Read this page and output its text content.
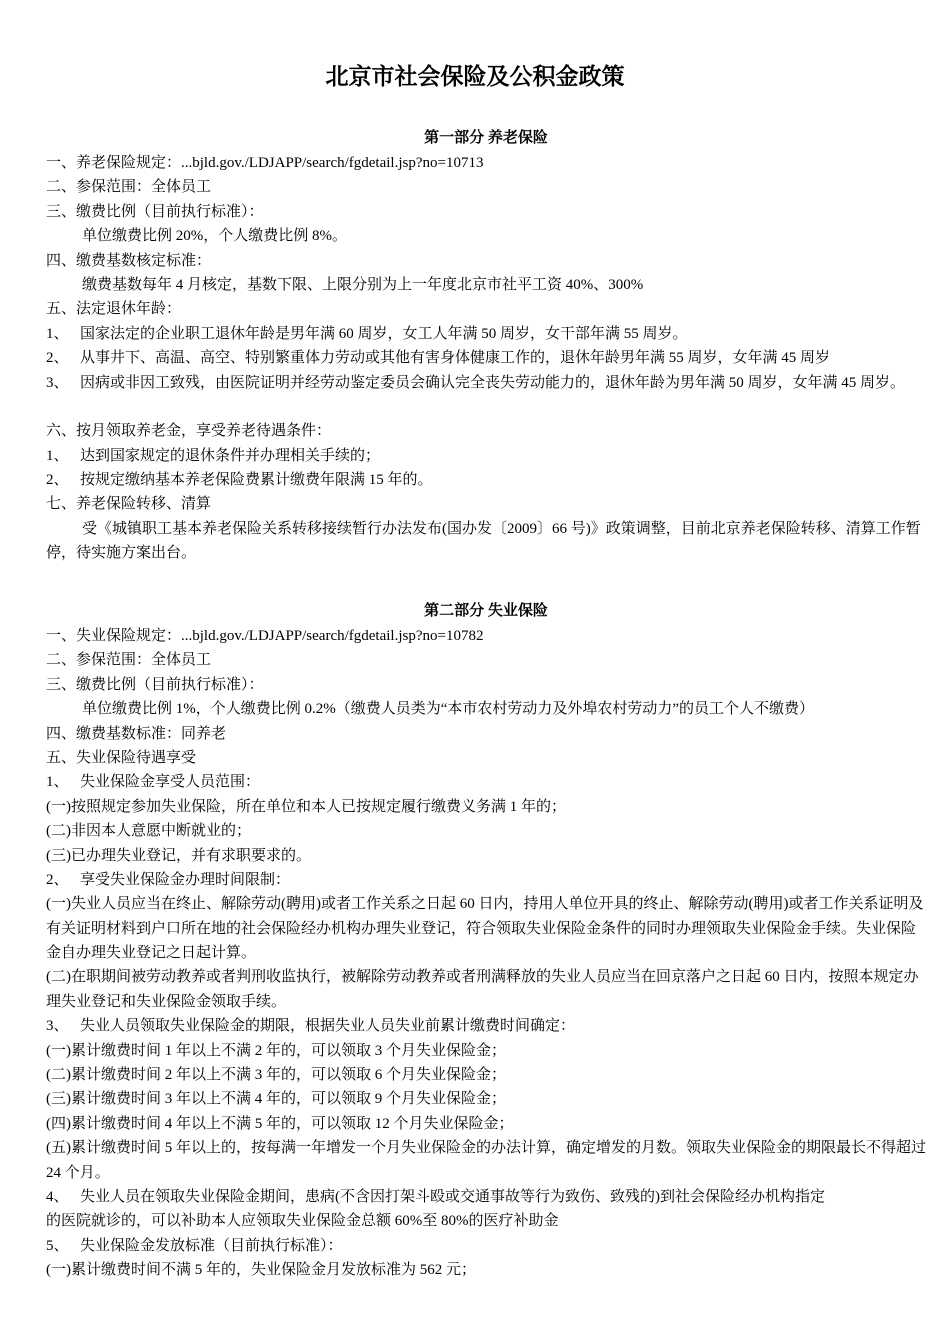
北京市社会保险及公积金政策
第一部分 养老保险
一、养老保险规定：...bjld.gov./LDJAPP/search/fgdetail.jsp?no=10713
二、参保范围：全体员工
三、缴费比例（目前执行标准）：
单位缴费比例 20%，个人缴费比例 8%。
四、缴费基数核定标准：
缴费基数每年 4 月核定，基数下限、上限分别为上一年度北京市社平工资 40%、300%
五、法定退休年龄：
1、 国家法定的企业职工退休年龄是男年满 60 周岁，女工人年满 50 周岁，女干部年满 55 周岁。
2、 从事井下、高温、高空、特别繁重体力劳动或其他有害身体健康工作的，退休年龄男年满 55 周岁，女年满 45 周岁
3、 因病或非因工致残，由医院证明并经劳动鉴定委员会确认完全丧失劳动能力的，退休年龄为男年满 50 周岁，女年满 45 周岁。
六、按月领取养老金，享受养老待遇条件：
1、 达到国家规定的退休条件并办理相关手续的；
2、 按规定缴纳基本养老保险费累计缴费年限满 15 年的。
七、养老保险转移、清算
受《城镇职工基本养老保险关系转移接续暂行办法发布(国办发〔2009〕66 号)》政策调整，目前北京养老保险转移、清算工作暂停，待实施方案出台。
第二部分 失业保险
一、失业保险规定：...bjld.gov./LDJAPP/search/fgdetail.jsp?no=10782
二、参保范围：全体员工
三、缴费比例（目前执行标准）：
单位缴费比例 1%，个人缴费比例 0.2%（缴费人员类为“本市农村劳动力及外埠农村劳动力”的员工个人不缴费）
四、缴费基数标准：同养老
五、失业保险待遇享受
1、 失业保险金享受人员范围：
(一)按照规定参加失业保险，所在单位和本人已按规定履行缴费义务满 1 年的；
(二)非因本人意愿中断就业的；
(三)已办理失业登记，并有求职要求的。
2、 享受失业保险金办理时间限制：
(一)失业人员应当在终止、解除劳动(聘用)或者工作关系之日起 60 日内，持用人单位开具的终止、解除劳动(聘用)或者工作关系证明及有关证明材料到户口所在地的社会保险经办机构办理失业登记，符合领取失业保险金条件的同时办理领取失业保险金手续。失业保险金自办理失业登记之日起计算。
(二)在职期间被劳动教养或者判刑收监执行，被解除劳动教养或者刑满释放的失业人员应当在回京落户之日起 60 日内，按照本规定办理失业登记和失业保险金领取手续。
3、 失业人员领取失业保险金的期限，根据失业人员失业前累计缴费时间确定：
(一)累计缴费时间 1 年以上不满 2 年的，可以领取 3 个月失业保险金；
(二)累计缴费时间 2 年以上不满 3 年的，可以领取 6 个月失业保险金；
(三)累计缴费时间 3 年以上不满 4 年的，可以领取 9 个月失业保险金；
(四)累计缴费时间 4 年以上不满 5 年的，可以领取 12 个月失业保险金；
(五)累计缴费时间 5 年以上的，按每满一年增发一个月失业保险金的办法计算，确定增发的月数。领取失业保险金的期限最长不得超过 24 个月。
4、 失业人员在领取失业保险金期间，患病(不含因打架斗殴或交通事故等行为致伤、致残的)到社会保险经办机构指定
的医院就诊的，可以补助本人应领取失业保险金总额 60%至 80%的医疗补助金
5、 失业保险金发放标准（目前执行标准）：
(一)累计缴费时间不满 5 年的，失业保险金月发放标准为 562 元；
